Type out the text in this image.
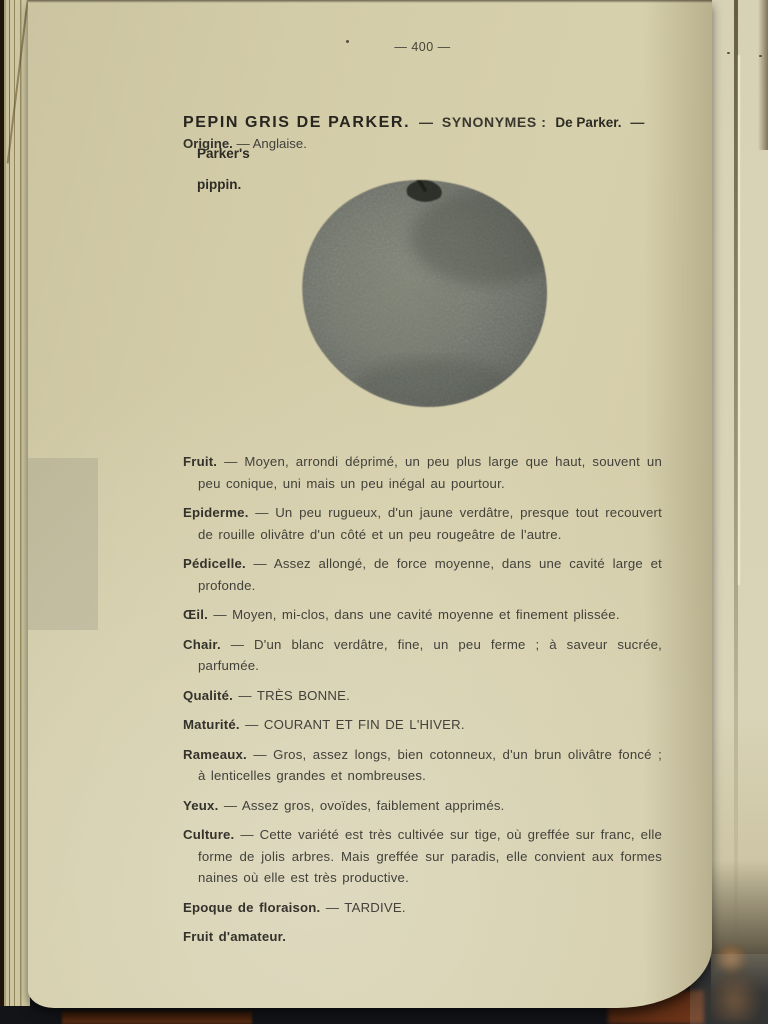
— 400 —
PEPIN GRIS DE PARKER. — SYNONYMES : De Parker. — Parker's
pippin.
Origine. — Anglaise.

Fruit. — Moyen, arrondi déprimé, un peu plus large que haut, souvent un peu conique, uni mais un peu inégal au pourtour.

Epiderme. — Un peu rugueux, d'un jaune verdâtre, presque tout recouvert de rouille olivâtre d'un côté et un peu rougeâtre de l'autre.

Pédicelle. — Assez allongé, de force moyenne, dans une cavité large et profonde.

Œil. — Moyen, mi-clos, dans une cavité moyenne et finement plissée.

Chair. — D'un blanc verdâtre, fine, un peu ferme ; à saveur sucrée, parfumée.

Qualité. — TRÈS BONNE.

Maturité. — COURANT ET FIN DE L'HIVER.

Rameaux. — Gros, assez longs, bien cotonneux, d'un brun olivâtre foncé ; à lenticelles grandes et nombreuses.

Yeux. — Assez gros, ovoïdes, faiblement apprimés.

Culture. — Cette variété est très cultivée sur tige, où greffée sur franc, elle forme de jolis arbres. Mais greffée sur paradis, elle convient aux formes naines où elle est très productive.

Epoque de floraison. — TARDIVE.

Fruit d'amateur.
